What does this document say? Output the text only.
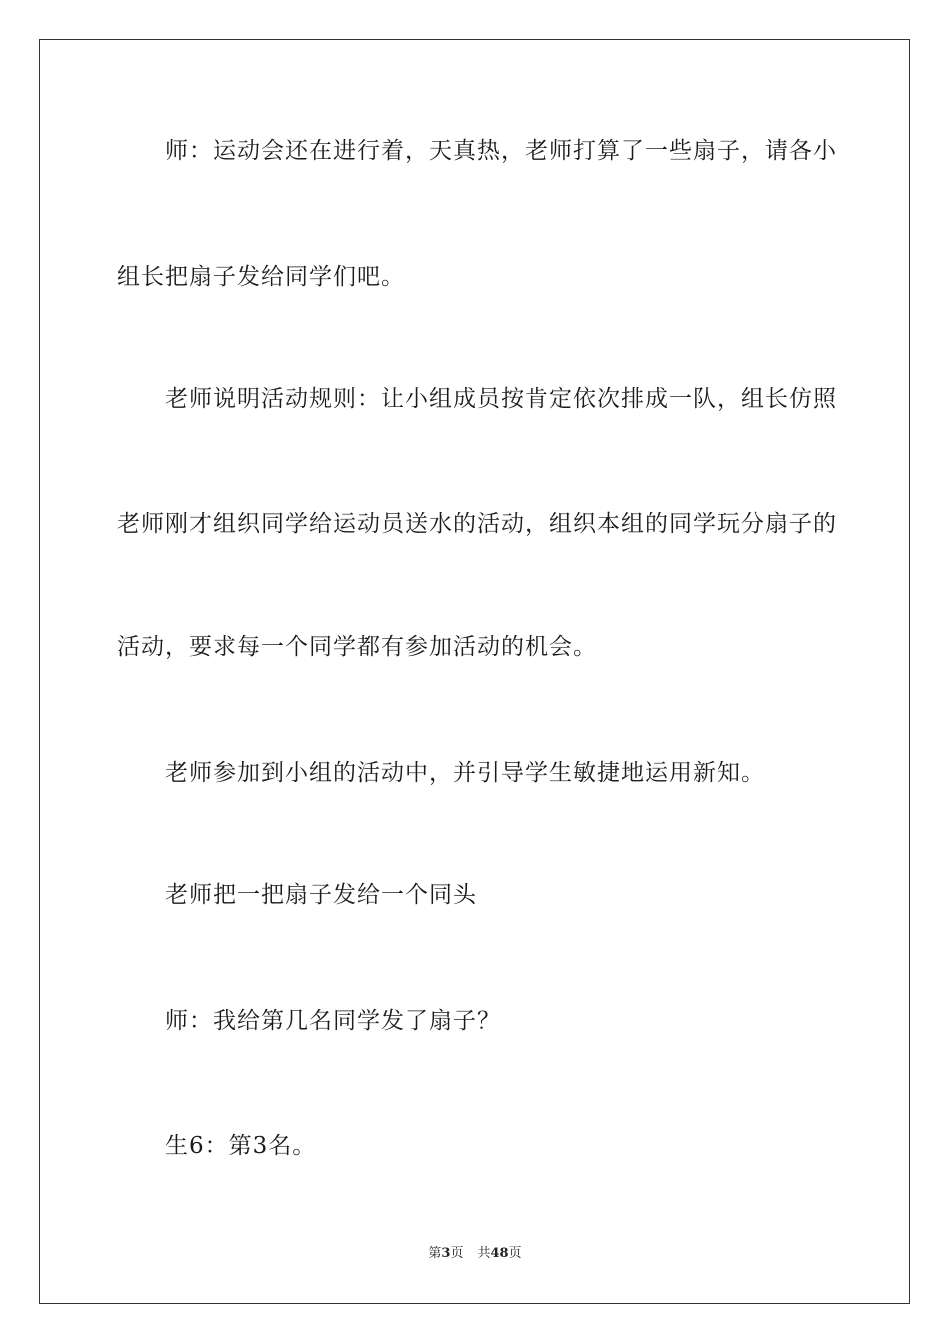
师：运动会还在进行着，天真热，老师打算了一些扇子，请各小
组长把扇子发给同学们吧。
老师说明活动规则：让小组成员按肯定依次排成一队，组长仿照
老师刚才组织同学给运动员送水的活动，组织本组的同学玩分扇子的
活动，要求每一个同学都有参加活动的机会。
老师参加到小组的活动中，并引导学生敏捷地运用新知。
老师把一把扇子发给一个同头
师：我给第几名同学发了扇子？
生6：第3名。
第3页 共48页
